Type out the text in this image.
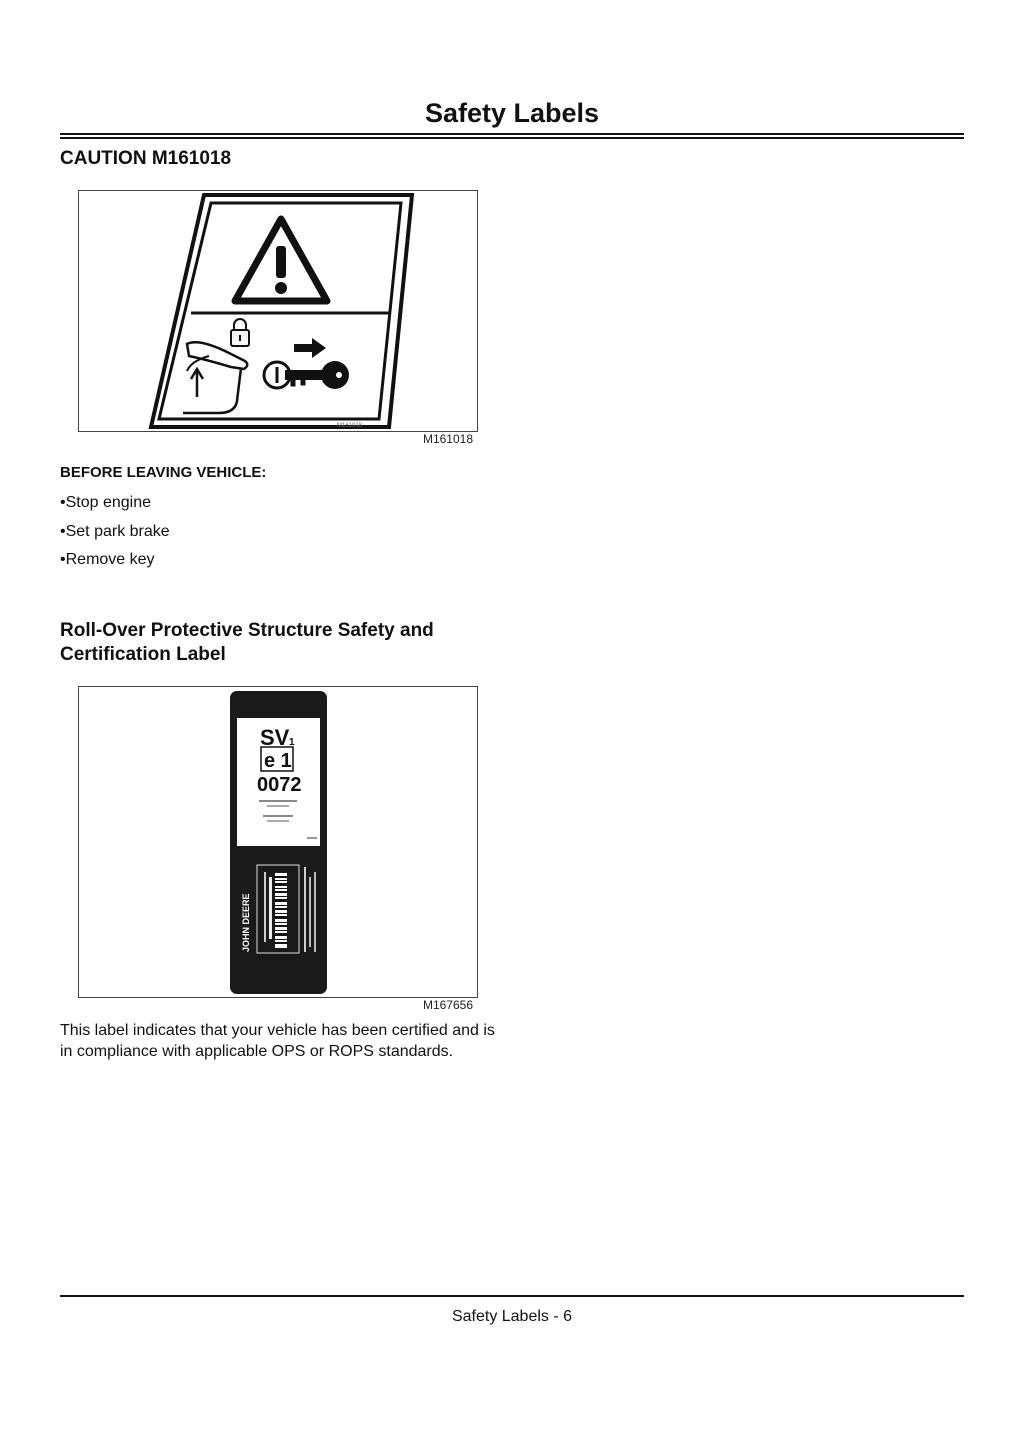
Safety Labels
CAUTION M161018
M161018
M161018
BEFORE LEAVING VEHICLE:
• Stop engine
• Set park brake
• Remove key
Roll-Over Protective Structure Safety and
Certification Label
SV 1
e 1
0072
JOHN DEERE
M167656

This label indicates that your vehicle has been certified and is in compliance with applicable OPS or ROPS standards.

Safety Labels - 6
